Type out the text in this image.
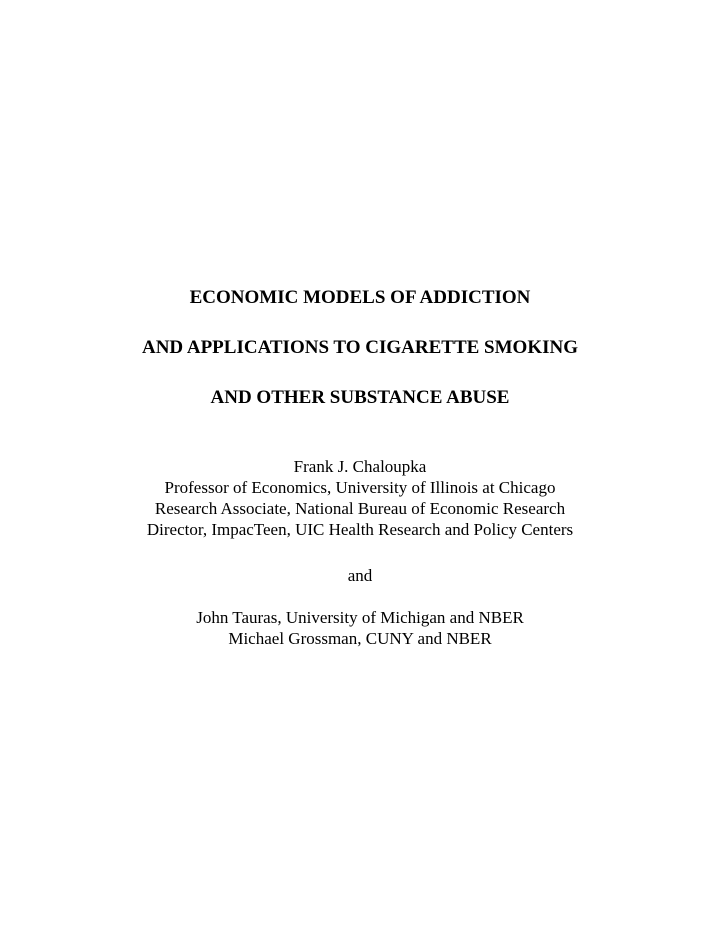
ECONOMIC MODELS OF ADDICTION
AND APPLICATIONS TO CIGARETTE SMOKING
AND OTHER SUBSTANCE ABUSE
Frank J. Chaloupka
Professor of Economics, University of Illinois at Chicago
Research Associate, National Bureau of Economic Research
Director, ImpacTeen, UIC Health Research and Policy Centers
and
John Tauras, University of Michigan and NBER
Michael Grossman, CUNY and NBER
